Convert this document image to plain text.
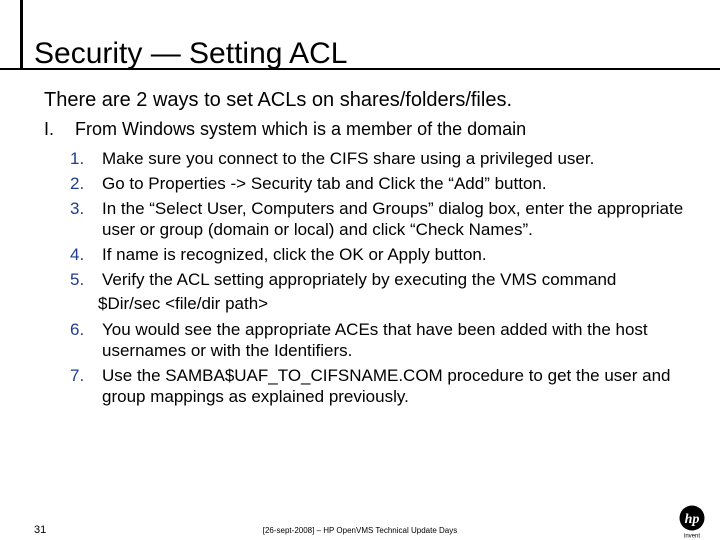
Security — Setting ACL
There are 2 ways to set ACLs on shares/folders/files.
I. From Windows system which is a member of the domain
1.	Make sure you connect to the CIFS share using a privileged user.
2.	Go to Properties -> Security tab and Click the “Add” button.
3.	In the “Select User, Computers and Groups” dialog box, enter the appropriate user or group (domain or local) and click “Check Names”.
4.	If name is recognized, click the OK or Apply button.
5.	Verify the ACL setting appropriately by executing the VMS command
$Dir/sec <file/dir path>
6.	You would see the appropriate ACEs that have been added with the host usernames or with the Identifiers.
7.	Use the SAMBA$UAF_TO_CIFSNAME.COM procedure to get the user and group mappings as explained previously.
31	[26-sept-2008] – HP OpenVMS Technical Update Days
hp
invent
